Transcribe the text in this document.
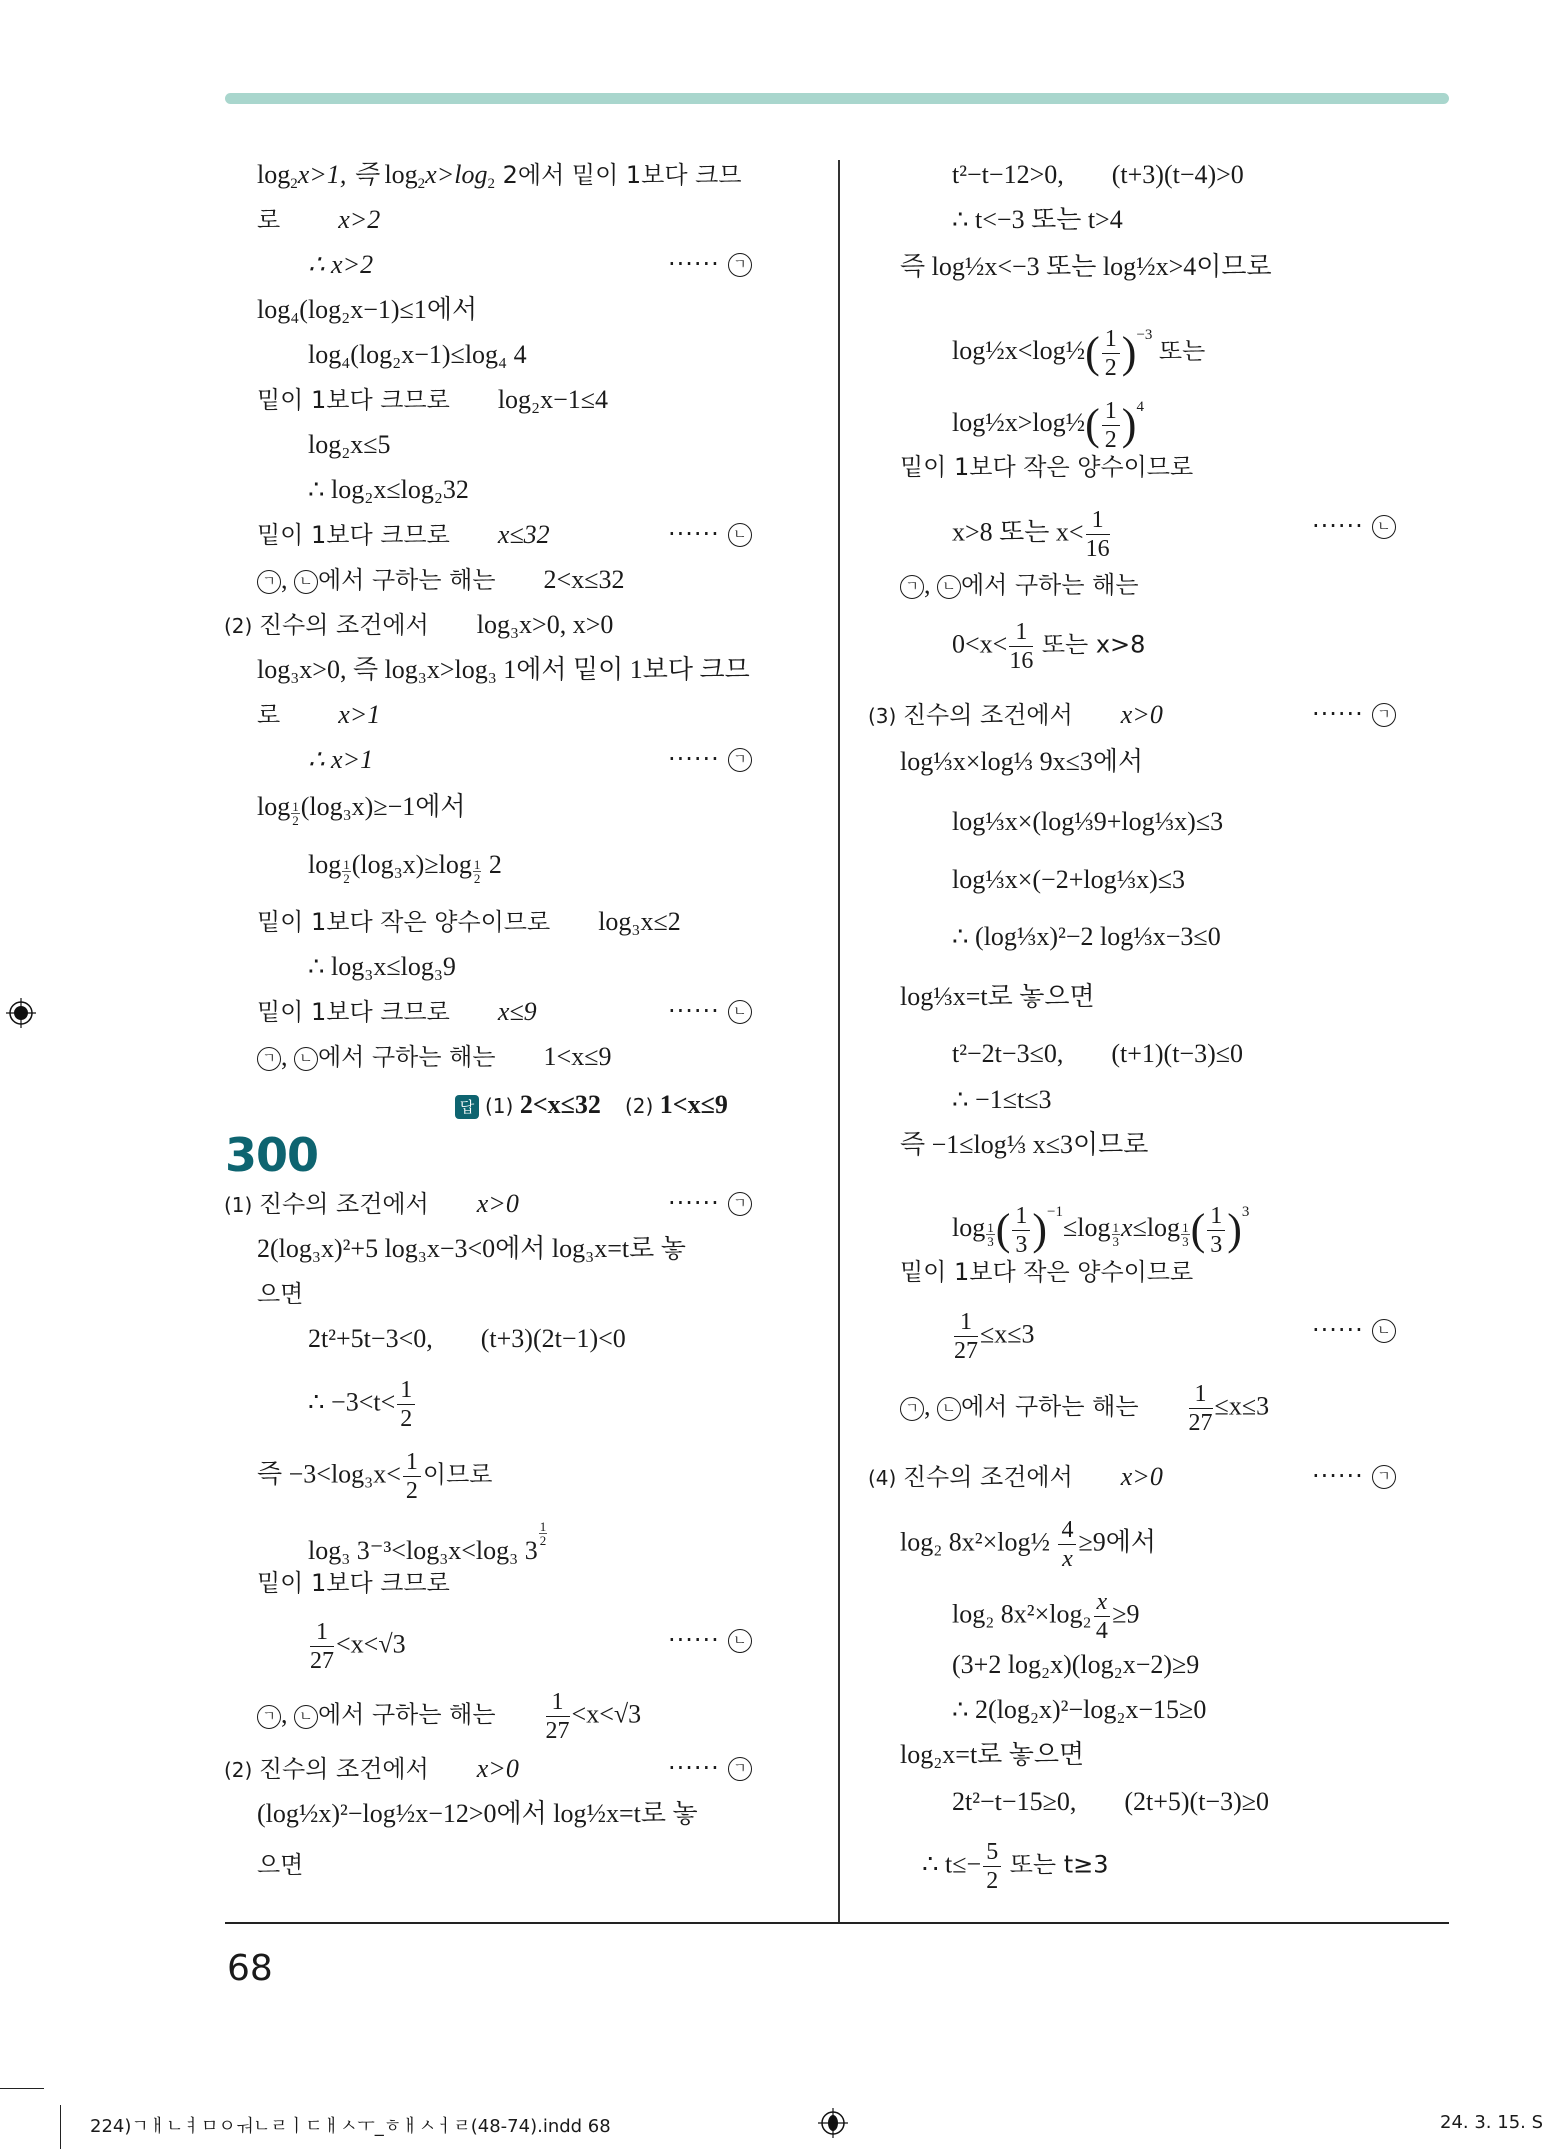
$\log_2x>1$, 즉 $\log_2x>\log_2$ 2에서 밑이 1보다 크므
로 x>2
∴ x>2	······ ㄱ
log₄(log₂x−1)≤1에서
log₄(log₂x−1)≤log₄ 4
밑이 1보다 크므로 log₂x−1≤4
log₂x≤5
∴ log₂x≤log₂32
밑이 1보다 크므로 x≤32	······ ㄴ
ㄱ , ㄴ 에서 구하는 해는 2<x≤32
(2) 진수의 조건에서 log₃x>0, x>0
log₃x>0, 즉 log₃x>log₃ 1에서 밑이 1보다 크므
로 x>1
∴ x>1	······ ㄱ
$\log \frac{1}{2} (\log_3x)\ge-1$에서
$\log \frac{1}{2} (\log_3x)\ge\log \frac{1}{2} 2$
밑이 1보다 작은 양수이므로 log₃x≤2
∴ log₃x≤log₃9
밑이 1보다 크므로 x≤9	······ ㄴ
ㄱ , ㄴ 에서 구하는 해는 1<x≤9
답 (1) 2<x≤32 (2) 1<x≤9
300
(1) 진수의 조건에서 x>0	······ ㄱ
2(log₃x)²+5 log₃x−3<0에서 log₃x=t로 놓
으면
2t²+5t−3<0, (t+3)(2t−1)<0
∴ $-3<t< \frac{1}{2}$
즉 $-3<\log_3x< \frac{1}{2}$ 이므로
log₃ 3⁻³<log₃x<log₃ 3
$\frac{1}{2}$
밑이 1보다 크므로
$\frac{1}{27} <x<√3$	······ ㄴ
ㄱ , ㄴ 에서 구하는 해는 $\frac{1}{27} <x<√3$
(2) 진수의 조건에서 x>0	······ ㄱ
(log½x)²−log½x−12>0에서 log½x=t로 놓
으면
t²−t−12>0, (t+3)(t−4)>0
∴ t<−3 또는 t>4
즉 log½x<−3 또는 log½x>4이므로
log½x<log½( $\frac{1}{2} )^{-3}$ 또는
log½x>log½( $\frac{1}{2} )^4$
밑이 1보다 작은 양수이므로
x>8 또는 $x< \frac{1}{16}$	······ ㄴ
ㄱ , ㄴ 에서 구하는 해는
$0<x< \frac{1}{16}$ 또는 x>8
(3) 진수의 조건에서 x>0	······ ㄱ
log⅓x×log⅓ 9x≤3에서
log⅓x×(log⅓9+log⅓x)≤3
log⅓x×(−2+log⅓x)≤3
∴ (log⅓x)²−2 log⅓x−3≤0
log⅓x=t로 놓으면
t²−2t−3≤0, (t+1)(t−3)≤0
∴ −1≤t≤3
즉 −1≤log⅓ x≤3이므로
$\log \frac{1}{3}$ ( $\frac{1}{3} )^{-1}\le\log \frac{1}{3} x\le\log \frac{1}{3}$ ( $\frac{1}{3} )^3$
밑이 1보다 작은 양수이므로
$\frac{1}{27} \le x\le 3$	······ ㄴ
ㄱ , ㄴ 에서 구하는 해는 $\frac{1}{27} \le x\le 3$
(4) 진수의 조건에서 x>0	······ ㄱ
log₂ 8x²×log½ $\frac{4}{x} \ge 9$에서
log₂ $8x^2\times\log_2 \frac{x}{4} \ge 9$
(3+2 log₂x)(log₂x−2)≥9
∴ 2(log₂x)²−log₂x−15≥0
log₂x=t로 놓으면
2t²−t−15≥0, (2t+5)(t−3)≥0
∴ $t\le- \frac{5}{2}$ 또는 t≥3
68
224)ㄱㅐㄴㅕㅁㅇㅝㄴㄹㅣㄷㅐㅅㅜ_ㅎㅐㅅㅓㄹ(48-74).indd 68	24. 3. 15. S
